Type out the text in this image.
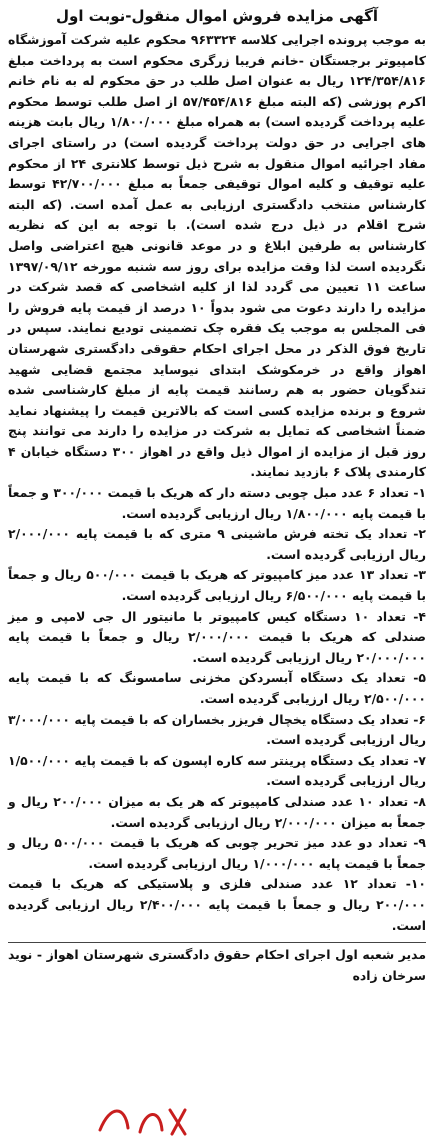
آگهی مزایده فروش اموال منقول-نوبت اول

به موجب پرونده اجرایی کلاسه ۹۶۳۳۲۴ محکوم علیه شرکت آموزشگاه کامپیوتر برجستگان -خانم فریبا زرگری محکوم است به پرداخت مبلغ ۱۲۴/۳۵۴/۸۱۶ ریال به عنوان اصل طلب در حق محکوم له به نام خانم اکرم پوزشی (که البته مبلغ ۵۷/۴۵۴/۸۱۶ از اصل طلب توسط محکوم علیه پرداخت گردیده است) به همراه مبلغ ۱/۸۰۰/۰۰۰ ریال بابت هزینه های اجرایی در حق دولت پرداخت گردیده است) در راستای اجرای مفاد اجرائیه اموال منقول به شرح ذیل توسط کلانتری ۲۴ از محکوم علیه توقیف و کلیه اموال توقیفی جمعاً به مبلغ ۴۲/۷۰۰/۰۰۰ توسط کارشناس منتخب دادگستری ارزیابی به عمل آمده است. (که البته شرح اقلام در ذیل درج شده است). با توجه به این که نظریه کارشناس به طرفین ابلاغ و در موعد قانونی هیچ اعتراضی واصل نگردیده است لذا وقت مزایده برای روز سه شنبه مورخه ۱۳۹۷/۰۹/۱۲ ساعت ۱۱ تعیین می گردد لذا از کلیه اشخاصی که قصد شرکت در مزایده را دارند دعوت می شود بدواً ۱۰ درصد از قیمت پایه فروش را فی المجلس به موجب یک فقره چک تضمینی تودیع نمایند. سپس در تاریخ فوق الذکر در محل اجرای احکام حقوقی دادگستری شهرستان اهواز واقع در خرمکوشک ابتدای نیوساید مجتمع قضایی شهید تندگویان حضور به هم رسانند قیمت پایه از مبلغ کارشناسی شده شروع و برنده مزایده کسی است که بالاترین قیمت را پیشنهاد نماید ضمناً اشخاصی که تمایل به شرکت در مزایده را دارند می توانند پنج روز قبل از مزایده از اموال ذیل واقع در اهواز ۳۰۰ دستگاه خیابان ۴ کارمندی پلاک ۶ بازدید نمایند.

۱- تعداد ۶ عدد مبل چوبی دسته دار که هریک با قیمت ۳۰۰/۰۰۰ و جمعاً با قیمت پایه ۱/۸۰۰/۰۰۰ ریال ارزیابی گردیده است.
۲- تعداد یک تخته فرش ماشینی ۹ متری که با قیمت پایه ۲/۰۰۰/۰۰۰ ریال ارزیابی گردیده است.
۳- تعداد ۱۳ عدد میز کامپیوتر که هریک با قیمت ۵۰۰/۰۰۰ ریال و جمعاً با قیمت پایه ۶/۵۰۰/۰۰۰ ریال ارزیابی گردیده است.
۴- تعداد ۱۰ دستگاه کیس کامپیوتر با مانیتور ال جی لامپی و میز صندلی که هریک با قیمت ۲/۰۰۰/۰۰۰ ریال و جمعاً با قیمت پایه ۲۰/۰۰۰/۰۰۰ ریال ارزیابی گردیده است.
۵- تعداد یک دستگاه آبسردکن مخزنی سامسونگ که با قیمت پایه ۲/۵۰۰/۰۰۰ ریال ارزیابی گردیده است.
۶- تعداد یک دستگاه یخچال فریزر بخساران که با قیمت پایه ۳/۰۰۰/۰۰۰ ریال ارزیابی گردیده است.
۷- تعداد یک دستگاه پرینتر سه کاره اپسون که با قیمت پایه ۱/۵۰۰/۰۰۰ ریال ارزیابی گردیده است.
۸- تعداد ۱۰ عدد صندلی کامپیوتر که هر یک به میزان ۲۰۰/۰۰۰ ریال و جمعاً به میزان ۲/۰۰۰/۰۰۰ ریال ارزیابی گردیده است.
۹- تعداد دو عدد میز تحریر چوبی که هریک با قیمت ۵۰۰/۰۰۰ ریال و جمعاً با قیمت پایه ۱/۰۰۰/۰۰۰ ریال ارزیابی گردیده است.
۱۰- تعداد ۱۲ عدد صندلی فلزی و پلاستیکی که هریک با قیمت ۲۰۰/۰۰۰ ریال و جمعاً با قیمت پایه ۲/۴۰۰/۰۰۰ ریال ارزیابی گردیده است.
مدیر شعبه اول اجرای احکام حقوق دادگستری شهرستان اهواز - نوید سرخان زاده
